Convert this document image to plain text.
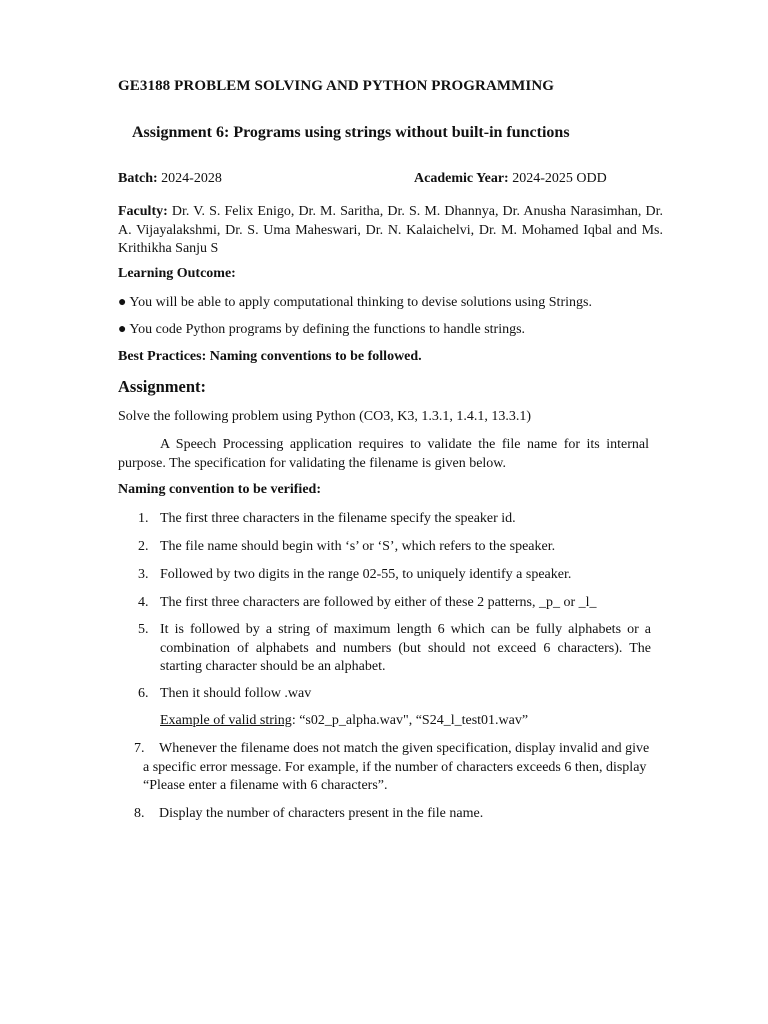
GE3188 PROBLEM SOLVING AND PYTHON PROGRAMMING
Assignment 6: Programs using strings without built-in functions
Batch: 2024-2028	Academic Year: 2024-2025 ODD
Faculty: Dr. V. S. Felix Enigo, Dr. M. Saritha, Dr. S. M. Dhannya, Dr. Anusha Narasimhan, Dr. A. Vijayalakshmi, Dr. S. Uma Maheswari, Dr. N. Kalaichelvi, Dr. M. Mohamed Iqbal and Ms. Krithikha Sanju S
Learning Outcome:
● You will be able to apply computational thinking to devise solutions using Strings.
● You code Python programs by defining the functions to handle strings.
Best Practices: Naming conventions to be followed.
Assignment:
Solve the following problem using Python (CO3, K3, 1.3.1, 1.4.1, 13.3.1)
A Speech Processing application requires to validate the file name for its internal purpose. The specification for validating the filename is given below.
Naming convention to be verified:
1. The first three characters in the filename specify the speaker id.
2. The file name should begin with ‘s’ or ‘S’, which refers to the speaker.
3. Followed by two digits in the range 02-55, to uniquely identify a speaker.
4. The first three characters are followed by either of these 2 patterns, _p_ or _l_
5. It is followed by a string of maximum length 6 which can be fully alphabets or a combination of alphabets and numbers (but should not exceed 6 characters). The starting character should be an alphabet.
6. Then it should follow .wav
Example of valid string: “s02_p_alpha.wav", “S24_l_test01.wav”
7. Whenever the filename does not match the given specification, display invalid and give
a specific error message. For example, if the number of characters exceeds 6 then, display “Please enter a filename with 6 characters”.
8. Display the number of characters present in the file name.
